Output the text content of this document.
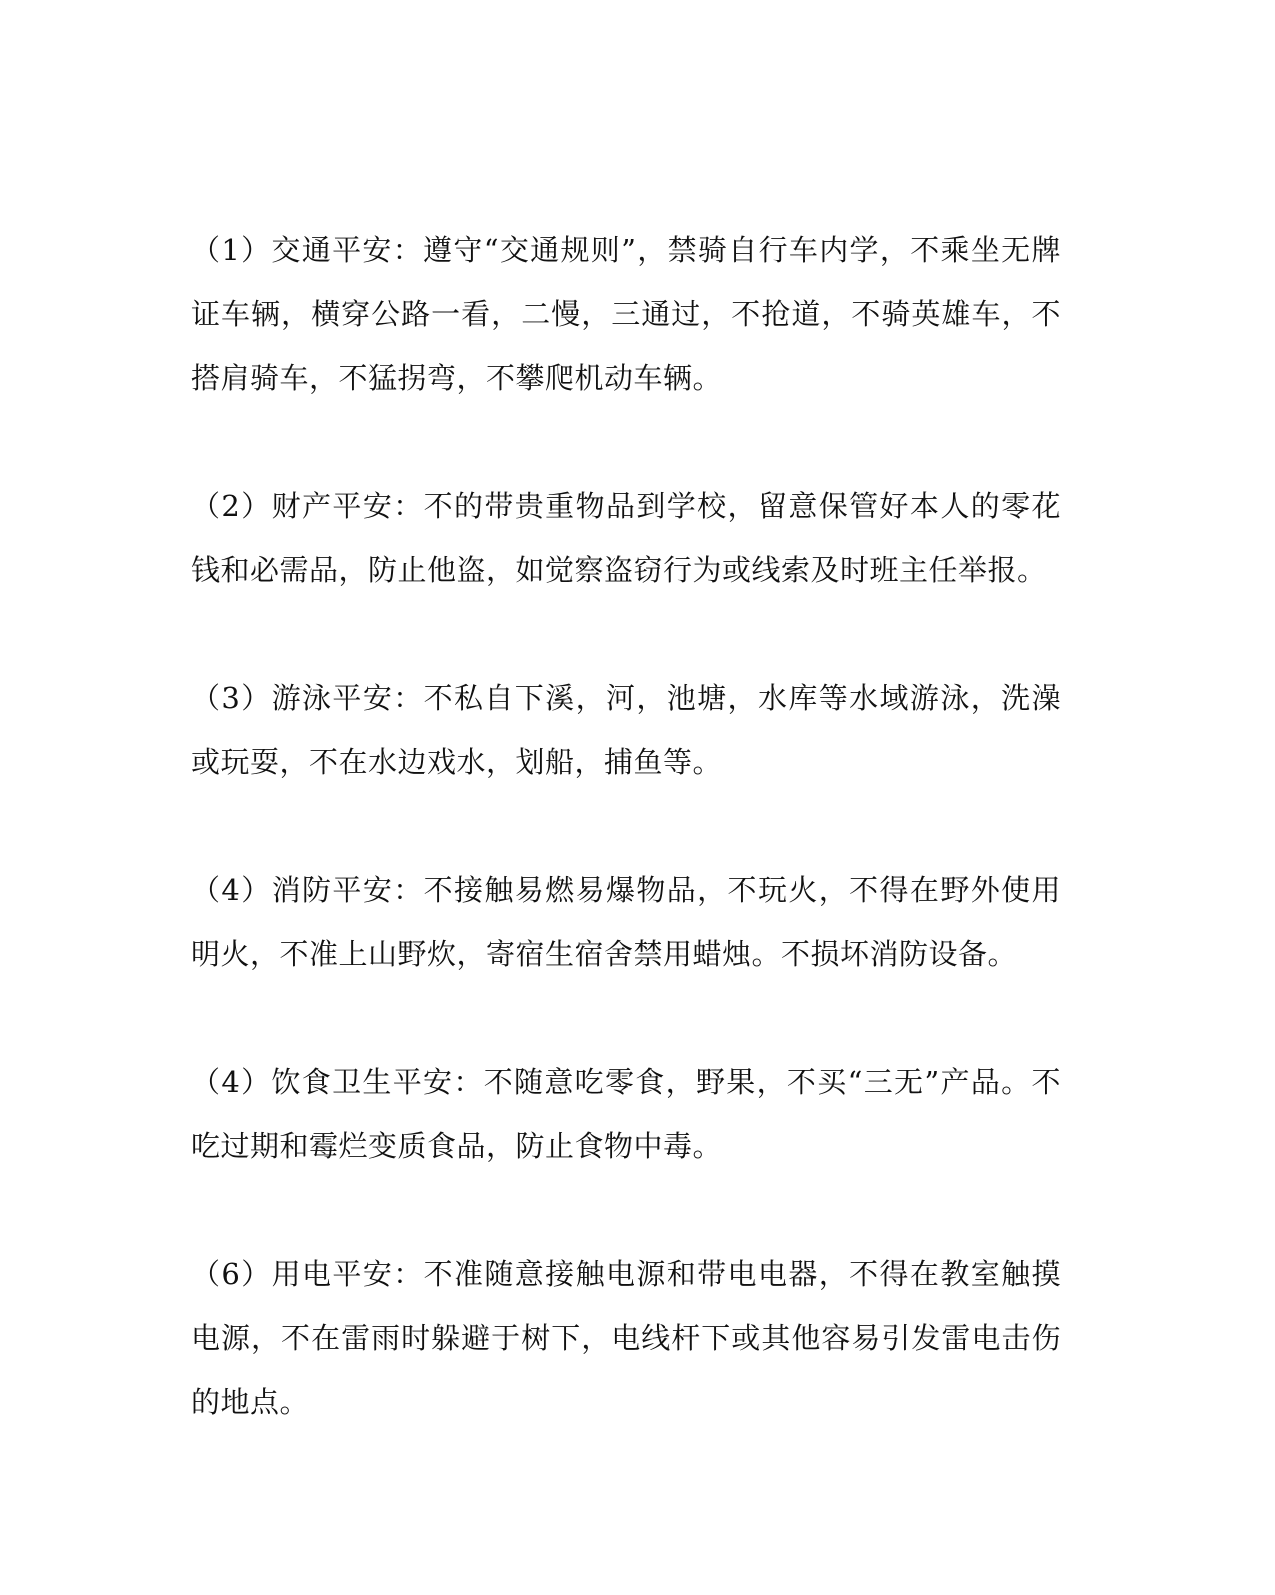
（1）交通平安：遵守“交通规则”，禁骑自行车内学，不乘坐无牌证车辆，横穿公路一看，二慢，三通过，不抢道，不骑英雄车，不搭肩骑车，不猛拐弯，不攀爬机动车辆。

（2）财产平安：不的带贵重物品到学校，留意保管好本人的零花钱和必需品，防止他盗，如觉察盗窃行为或线索及时班主任举报。

（3）游泳平安：不私自下溪，河，池塘，水库等水域游泳，洗澡或玩耍，不在水边戏水，划船，捕鱼等。

（4）消防平安：不接触易燃易爆物品，不玩火，不得在野外使用明火，不准上山野炊，寄宿生宿舍禁用蜡烛。不损坏消防设备。

（4）饮食卫生平安：不随意吃零食，野果，不买“三无”产品。不吃过期和霉烂变质食品，防止食物中毒。

（6）用电平安：不准随意接触电源和带电电器，不得在教室触摸电源，不在雷雨时躲避于树下，电线杆下或其他容易引发雷电击伤的地点。
